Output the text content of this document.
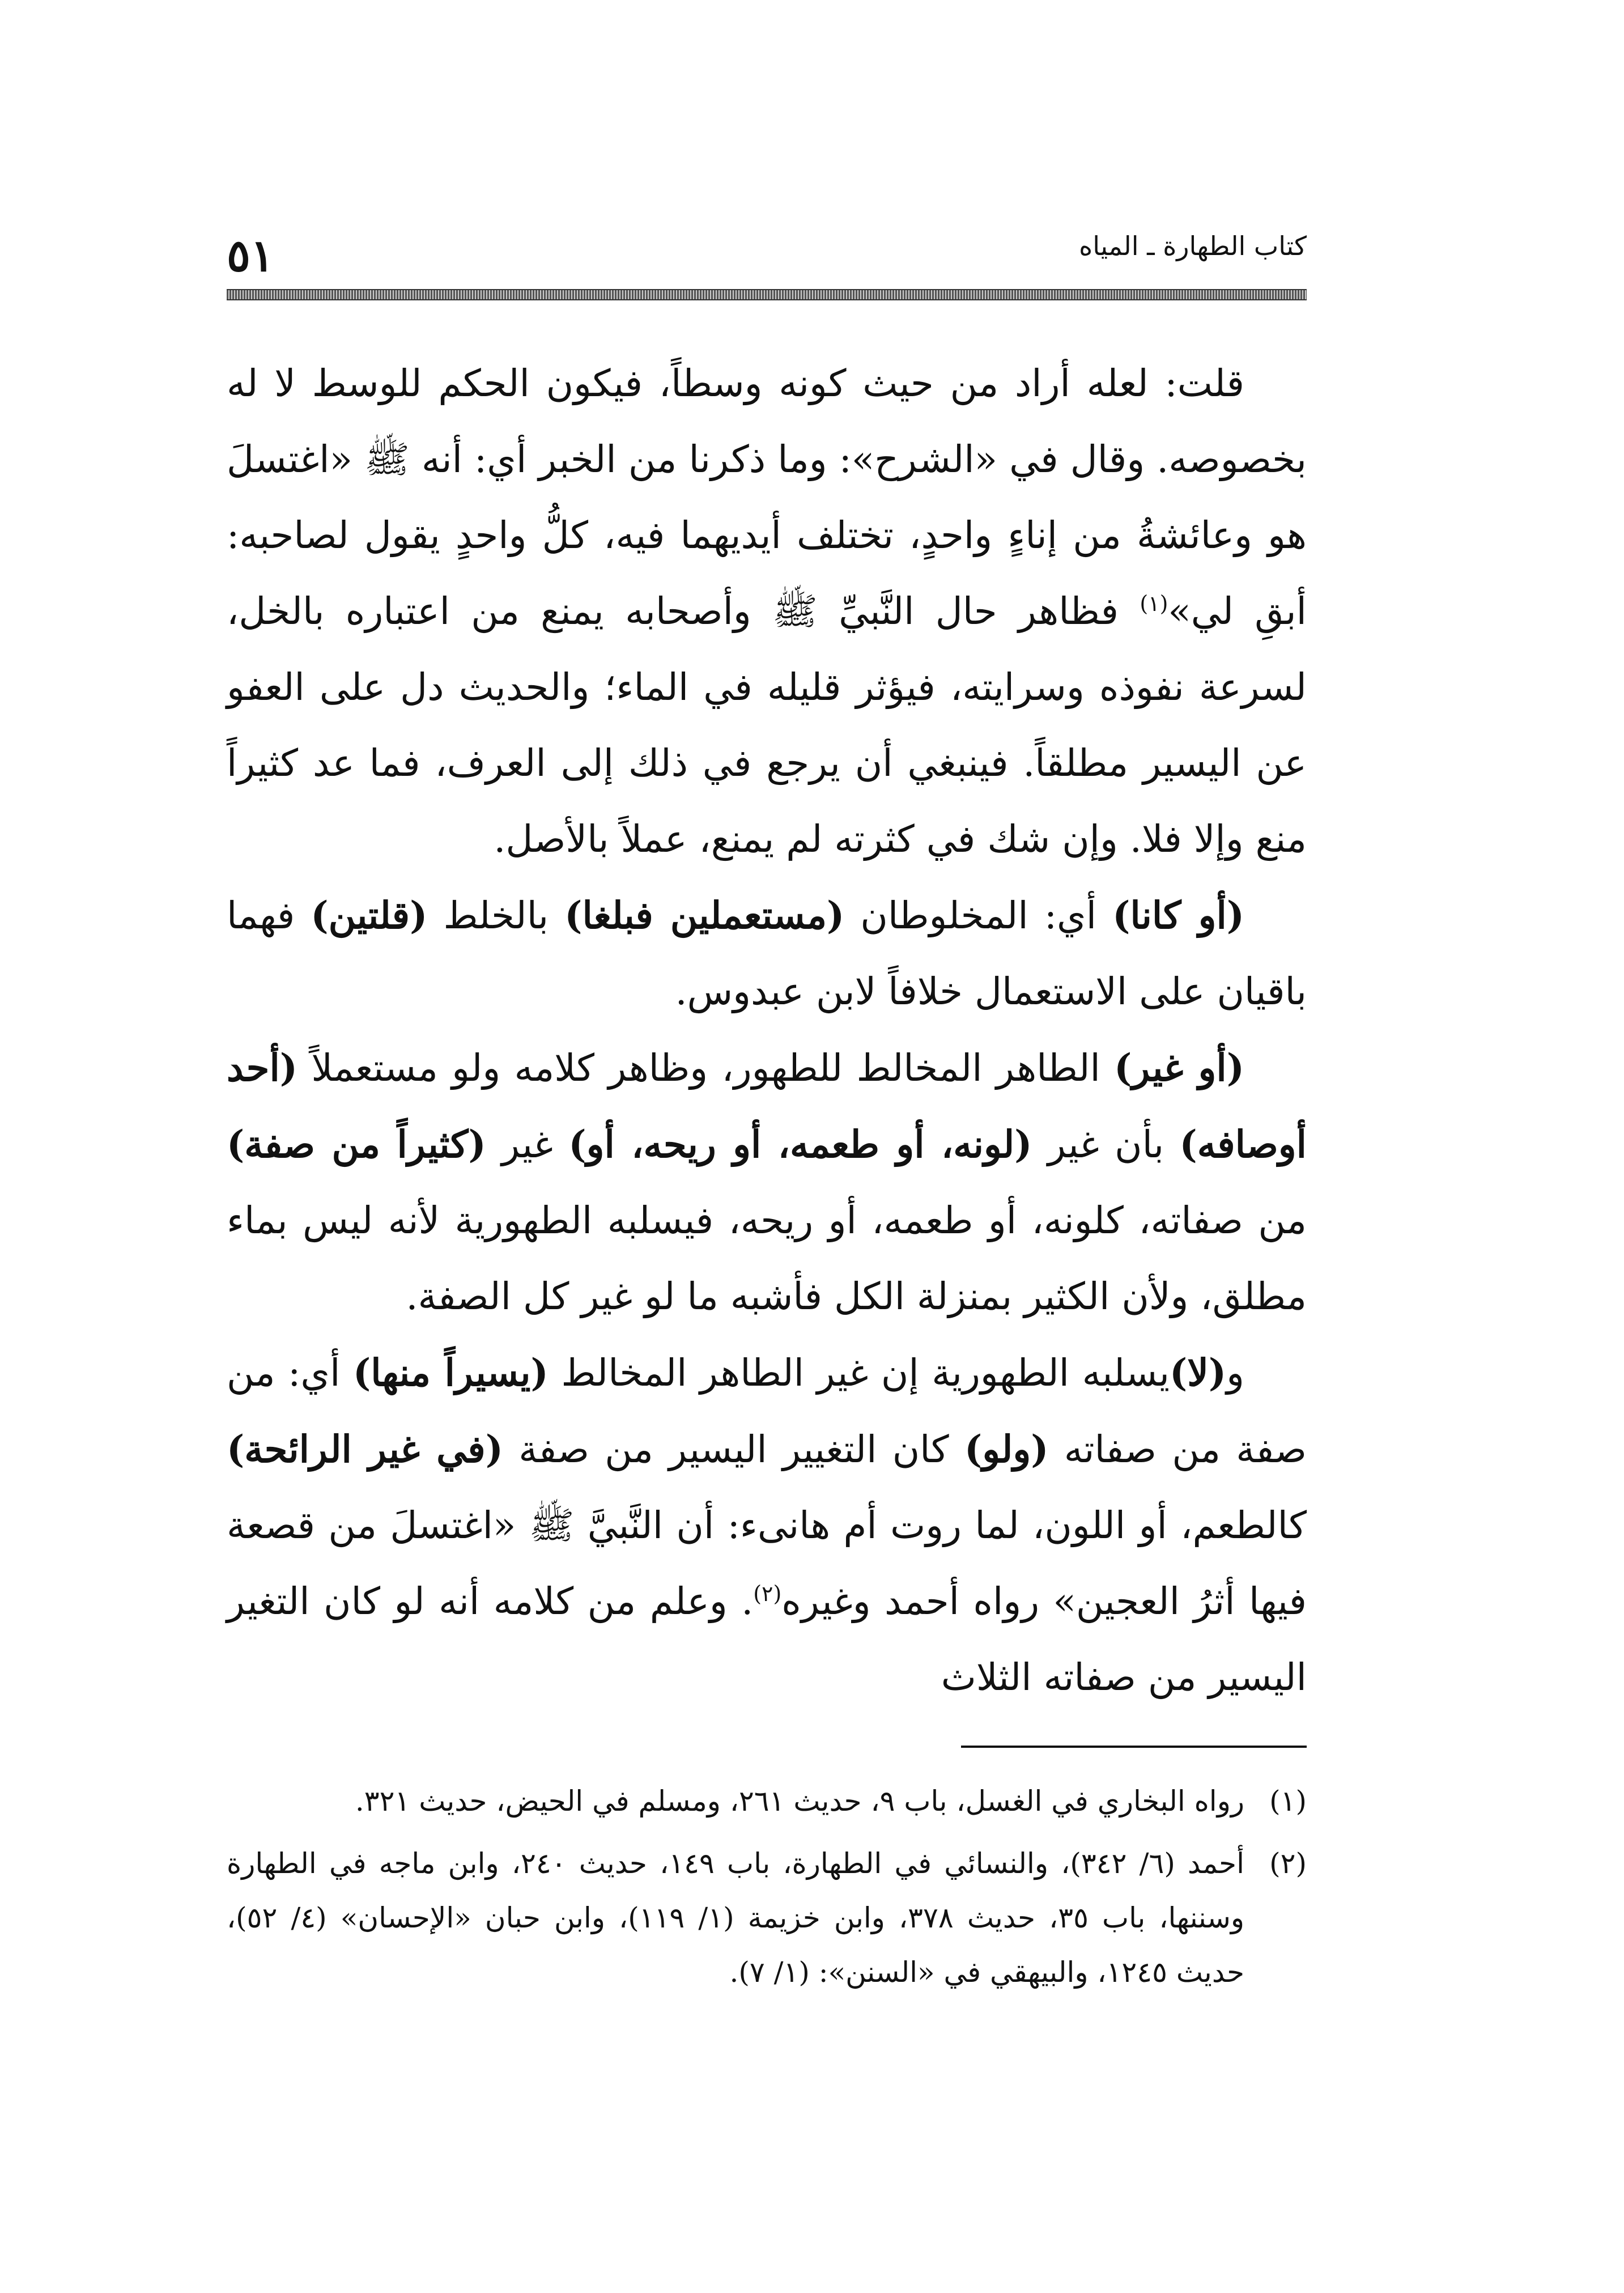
٥١	كتاب الطهارة ـ المياه

قلت: لعله أراد من حيث كونه وسطاً، فيكون الحكم للوسط لا له بخصوصه. وقال في «الشرح»: وما ذكرنا من الخبر أي: أنه ﷺ «اغتسلَ هو وعائشةُ من إناءٍ واحدٍ، تختلف أيديهما فيه، كلُّ واحدٍ يقول لصاحبه: أبقِ لي»$^{(١)}$ فظاهر حال النَّبيِّ ﷺ وأصحابه يمنع من اعتباره بالخل، لسرعة نفوذه وسرايته، فيؤثر قليله في الماء؛ والحديث دل على العفو عن اليسير مطلقاً. فينبغي أن يرجع في ذلك إلى العرف، فما عد كثيراً منع وإلا فلا. وإن شك في كثرته لم يمنع، عملاً بالأصل.

(أو كانا) أي: المخلوطان (مستعملين فبلغا) بالخلط (قلتين) فهما باقيان على الاستعمال خلافاً لابن عبدوس.

(أو غير) الطاهر المخالط للطهور، وظاهر كلامه ولو مستعملاً (أحد أوصافه) بأن غير (لونه، أو طعمه، أو ريحه، أو) غير (كثيراً من صفة) من صفاته، كلونه، أو طعمه، أو ريحه، فيسلبه الطهورية لأنه ليس بماء مطلق، ولأن الكثير بمنزلة الكل فأشبه ما لو غير كل الصفة.

و(لا)يسلبه الطهورية إن غير الطاهر المخالط (يسيراً منها) أي: من صفة من صفاته (ولو) كان التغيير اليسير من صفة (في غير الرائحة) كالطعم، أو اللون، لما روت أم هانىء: أن النَّبيَّ ﷺ «اغتسلَ من قصعة فيها أثرُ العجين» رواه أحمد وغيره$^{(٢)}$. وعلم من كلامه أنه لو كان التغير اليسير من صفاته الثلاث

(١)
رواه البخاري في الغسل، باب ٩، حديث ٢٦١، ومسلم في الحيض، حديث ٣٢١.
(٢)
أحمد (٦/ ٣٤٢)، والنسائي في الطهارة، باب ١٤٩، حديث ٢٤٠، وابن ماجه في الطهارة وسننها، باب ٣٥، حديث ٣٧٨، وابن خزيمة (١/ ١١٩)، وابن حبان «الإحسان» (٤/ ٥٢)، حديث ١٢٤٥، والبيهقي في «السنن»: (١/ ٧).
